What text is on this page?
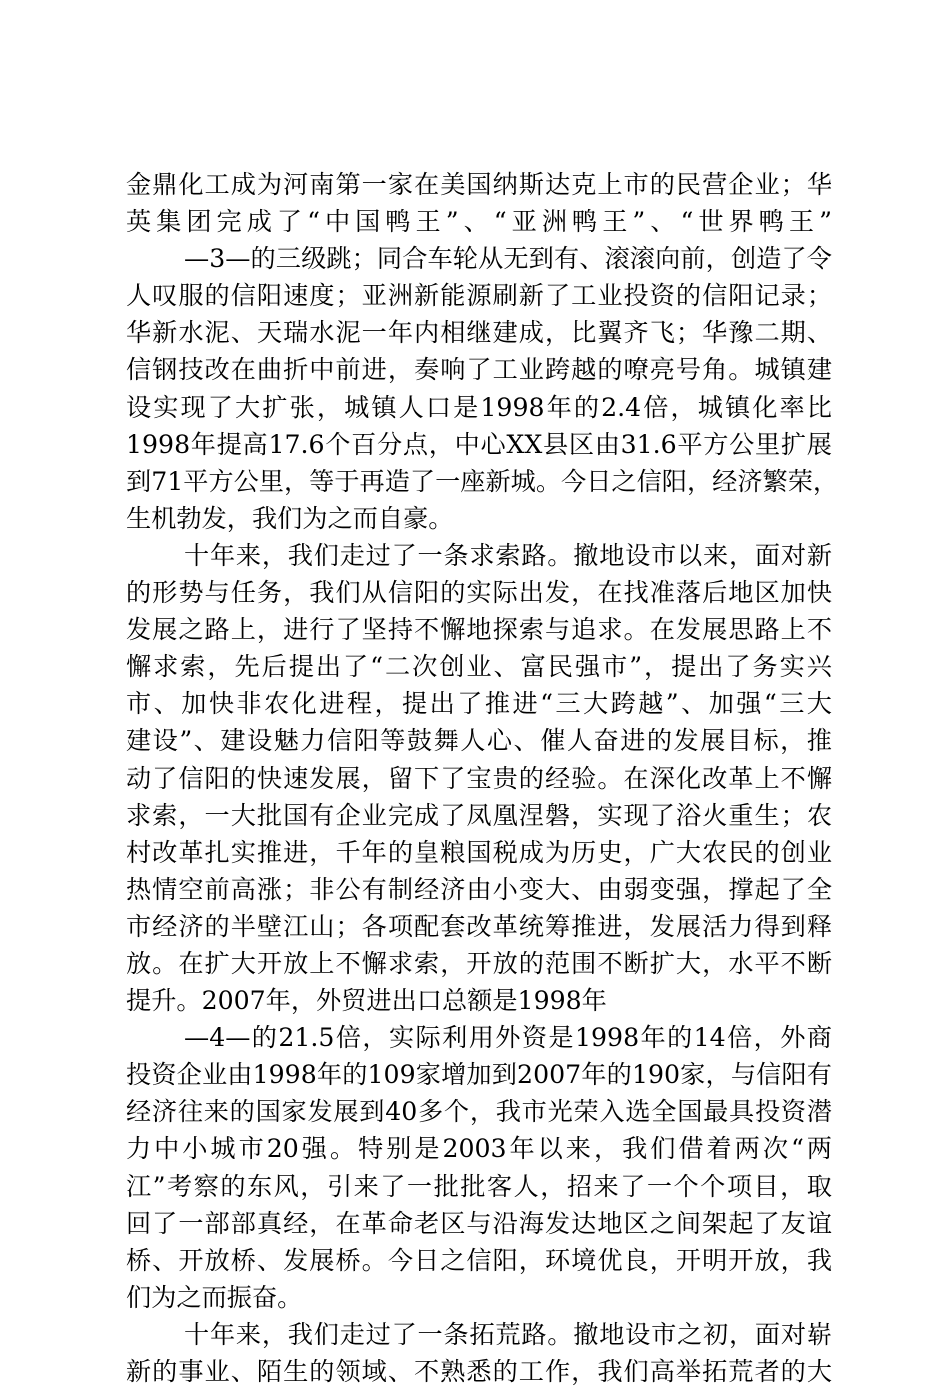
金鼎化工成为河南第一家在美国纳斯达克上市的民营企业；华
英集团完成了“中国鸭王”、“亚洲鸭王”、“世界鸭王”
—3—的三级跳；同合车轮从无到有、滚滚向前，创造了令
人叹服的信阳速度；亚洲新能源刷新了工业投资的信阳记录；
华新水泥、天瑞水泥一年内相继建成，比翼齐飞；华豫二期、
信钢技改在曲折中前进，奏响了工业跨越的嘹亮号角。城镇建
设实现了大扩张，城镇人口是1998年的2.4倍，城镇化率比
1998年提高17.6个百分点，中心XX县区由31.6平方公里扩展
到71平方公里，等于再造了一座新城。今日之信阳，经济繁荣，
生机勃发，我们为之而自豪。
十年来，我们走过了一条求索路。撤地设市以来，面对新
的形势与任务，我们从信阳的实际出发，在找准落后地区加快
发展之路上，进行了坚持不懈地探索与追求。在发展思路上不
懈求索，先后提出了“二次创业、富民强市”，提出了务实兴
市、加快非农化进程，提出了推进“三大跨越”、加强“三大
建设”、建设魅力信阳等鼓舞人心、催人奋进的发展目标，推
动了信阳的快速发展，留下了宝贵的经验。在深化改革上不懈
求索，一大批国有企业完成了凤凰涅磐，实现了浴火重生；农
村改革扎实推进，千年的皇粮国税成为历史，广大农民的创业
热情空前高涨；非公有制经济由小变大、由弱变强，撑起了全
市经济的半壁江山；各项配套改革统筹推进，发展活力得到释
放。在扩大开放上不懈求索，开放的范围不断扩大，水平不断
提升。2007年，外贸进出口总额是1998年
—4—的21.5倍，实际利用外资是1998年的14倍，外商
投资企业由1998年的109家增加到2007年的190家，与信阳有
经济往来的国家发展到40多个，我市光荣入选全国最具投资潜
力中小城市20强。特别是2003年以来，我们借着两次“两
江”考察的东风，引来了一批批客人，招来了一个个项目，取
回了一部部真经，在革命老区与沿海发达地区之间架起了友谊
桥、开放桥、发展桥。今日之信阳，环境优良，开明开放，我
们为之而振奋。
十年来，我们走过了一条拓荒路。撤地设市之初，面对崭
新的事业、陌生的领域、不熟悉的工作，我们高举拓荒者的大
